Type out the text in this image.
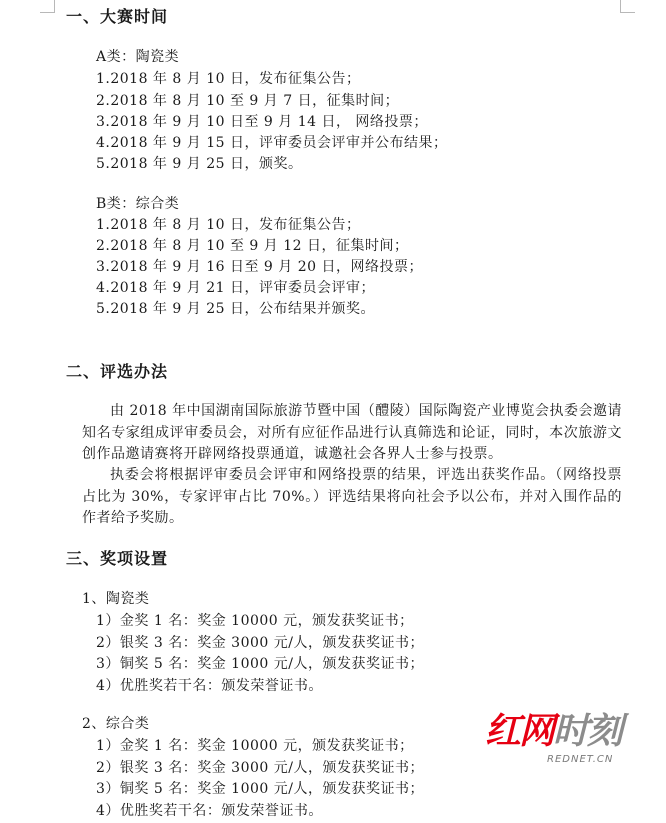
一、大赛时间
A类：陶瓷类
1.2018 年 8 月 10 日，发布征集公告；
2.2018 年 8 月 10 至 9 月 7 日，征集时间；
3.2018 年 9 月 10 日至 9 月 14 日， 网络投票；
4.2018 年 9 月 15 日，评审委员会评审并公布结果；
5.2018 年 9 月 25 日，颁奖。
B类：综合类
1.2018 年 8 月 10 日，发布征集公告；
2.2018 年 8 月 10 至 9 月 12 日，征集时间；
3.2018 年 9 月 16 日至 9 月 20 日，网络投票；
4.2018 年 9 月 21 日，评审委员会评审；
5.2018 年 9 月 25 日，公布结果并颁奖。
二、评选办法
由 2018 年中国湖南国际旅游节暨中国（醴陵）国际陶瓷产业博览会执委会邀请知名专家组成评审委员会，对所有应征作品进行认真筛选和论证，同时，本次旅游文创作品邀请赛将开辟网络投票通道，诚邀社会各界人士参与投票。
执委会将根据评审委员会评审和网络投票的结果，评选出获奖作品。（网络投票占比为 30%，专家评审占比 70%。）评选结果将向社会予以公布，并对入围作品的作者给予奖励。
三、奖项设置
1、陶瓷类
1）金奖 1 名：奖金 10000 元，颁发获奖证书；
2）银奖 3 名：奖金 3000 元/人，颁发获奖证书；
3）铜奖 5 名：奖金 1000 元/人，颁发获奖证书；
4）优胜奖若干名：颁发荣誉证书。
2、综合类
1）金奖 1 名：奖金 10000 元，颁发获奖证书；
2）银奖 3 名：奖金 3000 元/人，颁发获奖证书；
3）铜奖 5 名：奖金 1000 元/人，颁发获奖证书；
4）优胜奖若干名：颁发荣誉证书。
红网时刻
REDNET.CN
